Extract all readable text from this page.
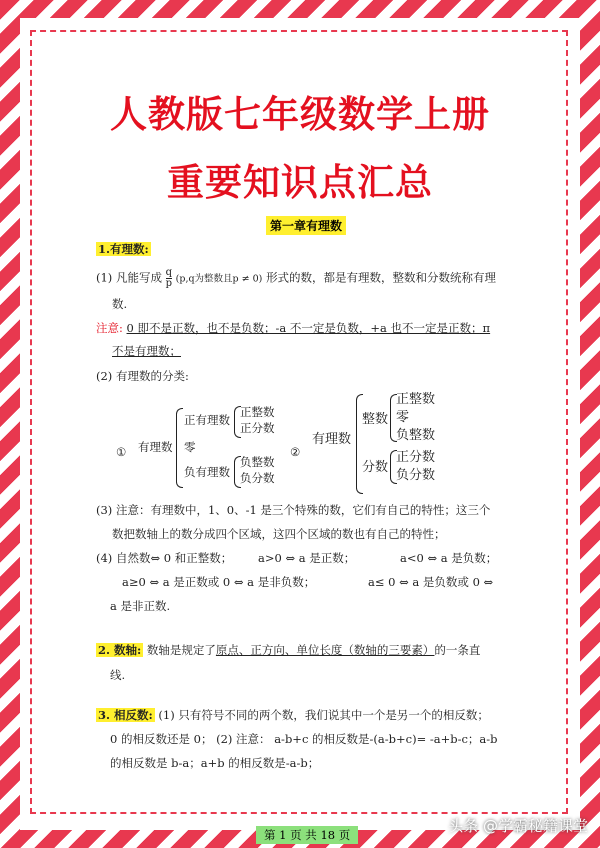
人教版七年级数学上册
重要知识点汇总
第一章有理数
1.有理数:
(1) 凡能写成 $\frac{q}{p} (p,q$为整数且p ≠ 0) 形式的数，都是有理数，整数和分数统称有理
数.
注意: 0 即不是正数，也不是负数；-a 不一定是负数，+a 也不一定是正数；π
不是有理数；
(2) 有理数的分类:
① 有理数
正有理数
零
负有理数
正整数
正分数
负整数
负分数
②
有理数
整数
分数
正整数
零
负整数
正分数
负分数
(3) 注意：有理数中，1、0、-1 是三个特殊的数，它们有自己的特性；这三个
数把数轴上的数分成四个区域，这四个区域的数也有自己的特性；
(4) 自然数⇔ 0 和正整数； a>0 ⇔ a 是正数；	a<0 ⇔ a 是负数；
a≥0 ⇔ a 是正数或 0 ⇔ a 是非负数；	a≤ 0 ⇔ a 是负数或 0 ⇔
a 是非正数.
2. 数轴: 数轴是规定了原点、正方向、单位长度（数轴的三要素）的一条直
线.
3. 相反数: (1) 只有符号不同的两个数，我们说其中一个是另一个的相反数；
0 的相反数还是 0； (2) 注意： a-b+c 的相反数是-(a-b+c)= -a+b-c；a-b
的相反数是 b-a；a+b 的相反数是-a-b；
第 1 页 共 18 页	头条 @学霸秘籍课堂
